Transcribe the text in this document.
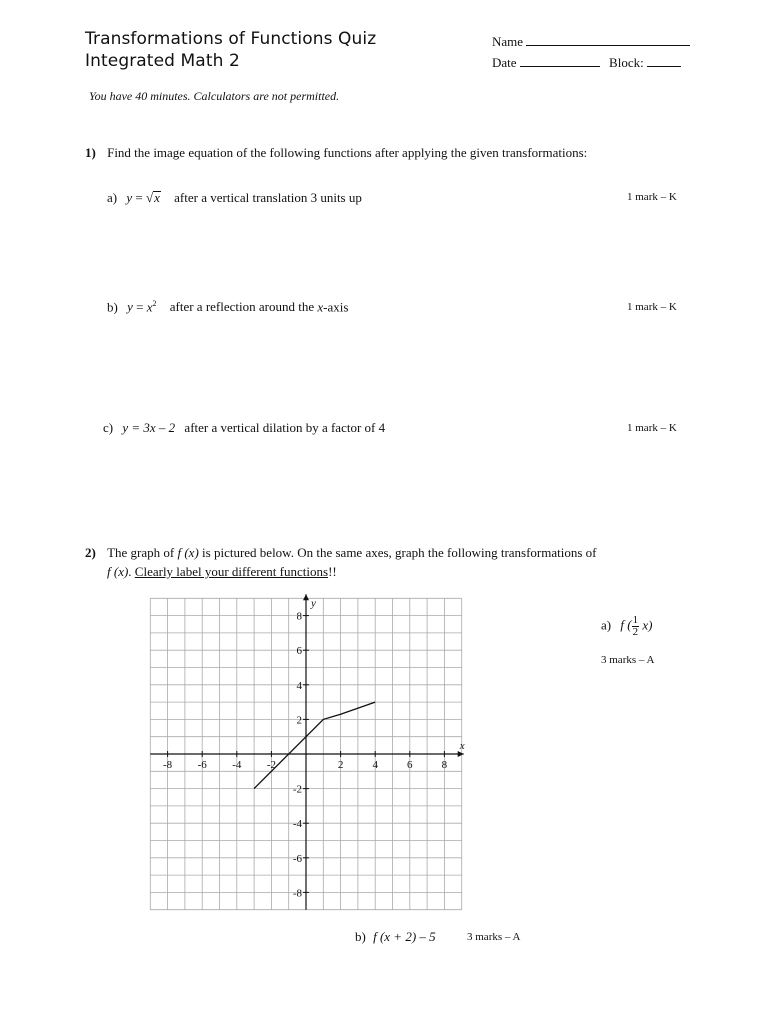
Transformations of Functions Quiz
Integrated Math 2
Name
Date	Block:
You have 40 minutes. Calculators are not permitted.
1) Find the image equation of the following functions after applying the given transformations:
a) y = √x after a vertical translation 3 units up	1 mark – K
b) $y = x^2$ after a reflection around the x-axis	1 mark – K
c) y = 3x – 2 after a vertical dilation by a factor of 4	1 mark – K
2) The graph of f (x) is pictured below. On the same axes, graph the following transformations of
f (x). Clearly label your different functions!!
-8 -6 -4 -2	2	4	6	8
8
6
4
2
-2
-4
-6
-8
x
y
a) f ( $\frac{1}{2} x$)
3 marks – A
b) f (x + 2) – 5	3 marks – A
